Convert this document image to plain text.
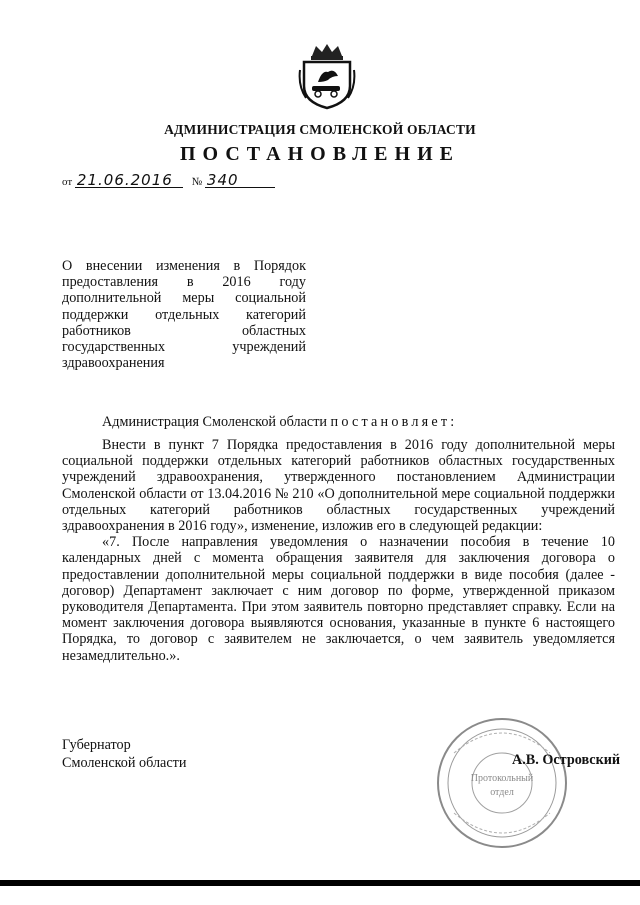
АДМИНИСТРАЦИЯ СМОЛЕНСКОЙ ОБЛАСТИ
ПОСТАНОВЛЕНИЕ
от 21.06.2016 № 340
О внесении изменения в Порядок
предоставления в 2016 году
дополнительной меры социальной
поддержки отдельных категорий
работников областных
государственных учреждений
здравоохранения
Администрация Смоленской области постановляет:

Внести в пункт 7 Порядка предоставления в 2016 году дополнительной меры социальной поддержки отдельных категорий работников областных государственных учреждений здравоохранения, утвержденного постановлением Администрации Смоленской области от 13.04.2016 № 210 «О дополнительной мере социальной поддержки отдельных категорий работников областных государственных учреждений здравоохранения в 2016 году», изменение, изложив его в следующей редакции:

«7. После направления уведомления о назначении пособия в течение 10 календарных дней с момента обращения заявителя для заключения договора о предоставлении дополнительной меры социальной поддержки в виде пособия (далее - договор) Департамент заключает с ним договор по форме, утвержденной приказом руководителя Департамента. При этом заявитель повторно представляет справку. Если на момент заключения договора выявляются основания, указанные в пункте 6 настоящего Порядка, то договор с заявителем не заключается, о чем заявитель уведомляется незамедлительно.».

Губернатор
Смоленской области
Протокольный
отдел
А.В. Островский
